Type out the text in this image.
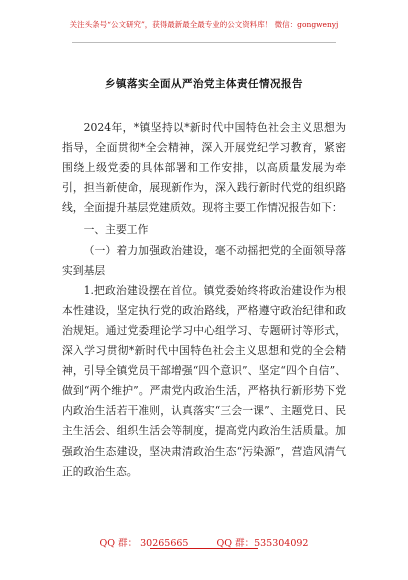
关注头条号“公文研究”，获得最新最全最专业的公文资料库！ 微信：gongwenyj
乡镇落实全面从严治党主体责任情况报告

2024年，*镇坚持以*新时代中国特色社会主义思想为指导，全面贯彻*全会精神，深入开展党纪学习教育，紧密围绕上级党委的具体部署和工作安排，以高质量发展为牵引，担当新使命，展现新作为，深入践行新时代党的组织路线，全面提升基层党建质效。现将主要工作情况报告如下：

一、主要工作

（一）着力加强政治建设，毫不动摇把党的全面领导落实到基层

1.把政治建设摆在首位。镇党委始终将政治建设作为根本性建设，坚定执行党的政治路线，严格遵守政治纪律和政治规矩。通过党委理论学习中心组学习、专题研讨等形式，深入学习贯彻*新时代中国特色社会主义思想和党的全会精神，引导全镇党员干部增强“四个意识”、坚定“四个自信”、做到“两个维护”。严肃党内政治生活，严格执行新形势下党内政治生活若干准则，认真落实“三会一课”、主题党日、民主生活会、组织生活会等制度，提高党内政治生活质量。加强政治生态建设，坚决肃清政治生态“污染源”，营造风清气正的政治生态。

QQ 群： 30265665	QQ 群：535304092
